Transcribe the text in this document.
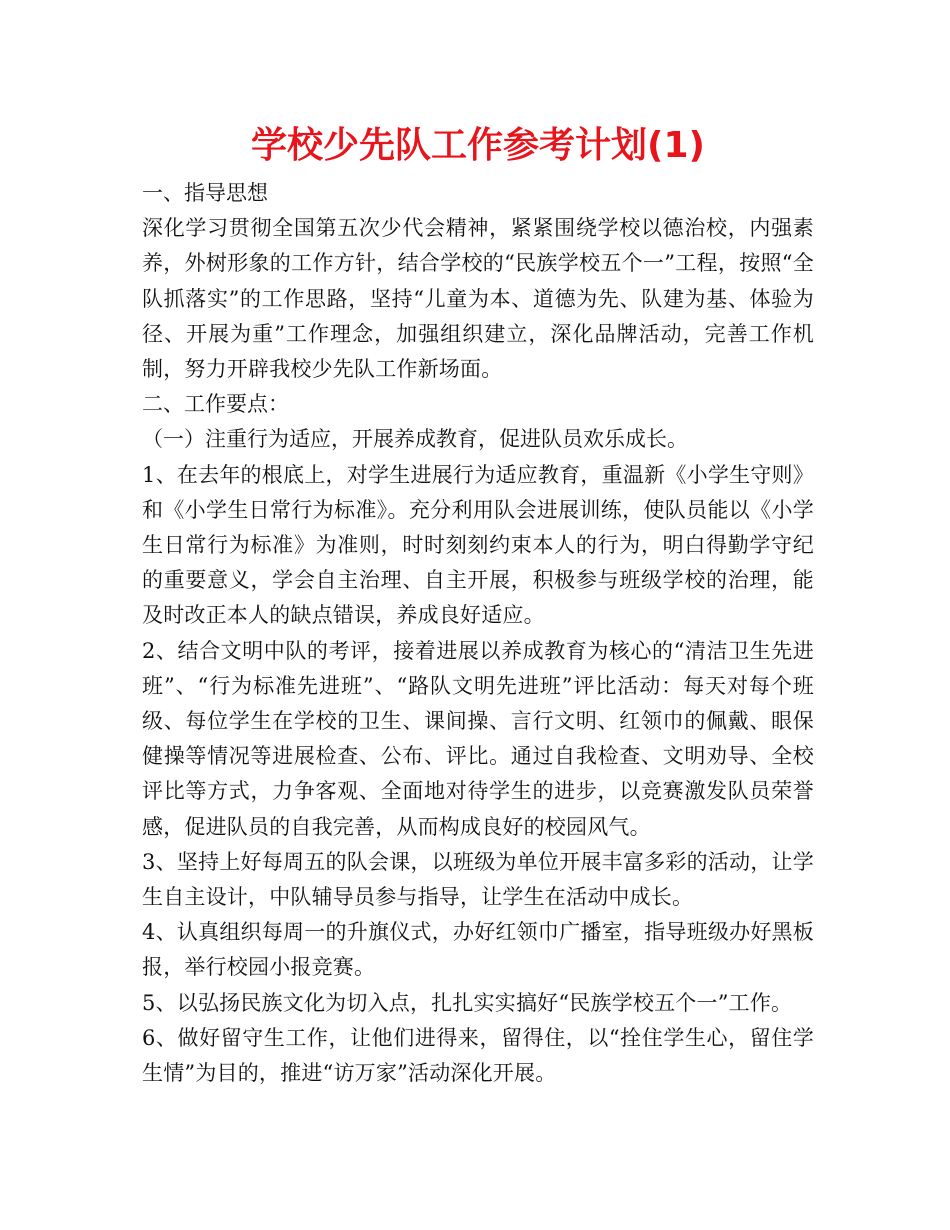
学校少先队工作参考计划(1)
一、指导思想

深化学习贯彻全国第五次少代会精神，紧紧围绕学校以德治校，内强素养，外树形象的工作方针，结合学校的“民族学校五个一”工程，按照“全队抓落实”的工作思路，坚持“儿童为本、道德为先、队建为基、体验为径、开展为重”工作理念，加强组织建立，深化品牌活动，完善工作机制，努力开辟我校少先队工作新场面。

二、工作要点：
（一）注重行为适应，开展养成教育，促进队员欢乐成长。

1、在去年的根底上，对学生进展行为适应教育，重温新《小学生守则》和《小学生日常行为标准》。充分利用队会进展训练，使队员能以《小学生日常行为标准》为准则，时时刻刻约束本人的行为，明白得勤学守纪的重要意义，学会自主治理、自主开展，积极参与班级学校的治理，能及时改正本人的缺点错误，养成良好适应。

2、结合文明中队的考评，接着进展以养成教育为核心的“清洁卫生先进班”、“行为标准先进班”、“路队文明先进班”评比活动：每天对每个班级、每位学生在学校的卫生、课间操、言行文明、红领巾的佩戴、眼保健操等情况等进展检查、公布、评比。通过自我检查、文明劝导、全校评比等方式，力争客观、全面地对待学生的进步，以竞赛激发队员荣誉感，促进队员的自我完善，从而构成良好的校园风气。

3、坚持上好每周五的队会课，以班级为单位开展丰富多彩的活动，让学生自主设计，中队辅导员参与指导，让学生在活动中成长。

4、认真组织每周一的升旗仪式，办好红领巾广播室，指导班级办好黑板报，举行校园小报竞赛。

5、以弘扬民族文化为切入点，扎扎实实搞好“民族学校五个一”工作。

6、做好留守生工作，让他们进得来，留得住，以“拴住学生心，留住学生情”为目的，推进“访万家”活动深化开展。
